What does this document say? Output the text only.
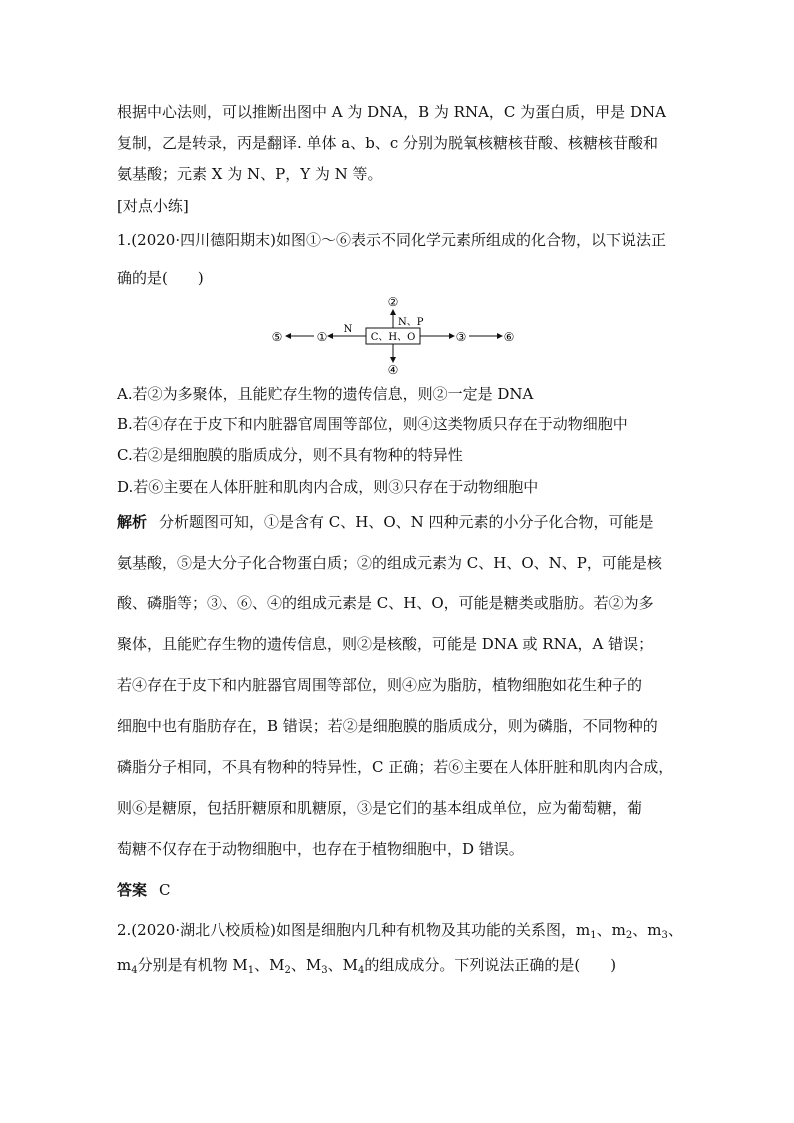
根据中心法则，可以推断出图中 A 为 DNA，B 为 RNA，C 为蛋白质，甲是 DNA
复制，乙是转录，丙是翻译. 单体 a、b、c 分别为脱氧核糖核苷酸、核糖核苷酸和
氨基酸；元素 X 为 N、P，Y 为 N 等。
[对点小练]
1.(2020·四川德阳期末)如图①～⑥表示不同化学元素所组成的化合物，以下说法正
确的是(　　)
②
N、P
C、H、O
N
①
⑤	③	⑥
④
A.若②为多聚体，且能贮存生物的遗传信息，则②一定是 DNA
B.若④存在于皮下和内脏器官周围等部位，则④这类物质只存在于动物细胞中
C.若②是细胞膜的脂质成分，则不具有物种的特异性
D.若⑥主要在人体肝脏和肌肉内合成，则③只存在于动物细胞中
解析 分析题图可知，①是含有 C、H、O、N 四种元素的小分子化合物，可能是
氨基酸，⑤是大分子化合物蛋白质；②的组成元素为 C、H、O、N、P，可能是核
酸、磷脂等；③、⑥、④的组成元素是 C、H、O，可能是糖类或脂肪。若②为多
聚体，且能贮存生物的遗传信息，则②是核酸，可能是 DNA 或 RNA，A 错误；
若④存在于皮下和内脏器官周围等部位，则④应为脂肪，植物细胞如花生种子的
细胞中也有脂肪存在，B 错误；若②是细胞膜的脂质成分，则为磷脂，不同物种的
磷脂分子相同，不具有物种的特异性，C 正确；若⑥主要在人体肝脏和肌肉内合成，
则⑥是糖原，包括肝糖原和肌糖原，③是它们的基本组成单位，应为葡萄糖，葡
萄糖不仅存在于动物细胞中，也存在于植物细胞中，D 错误。
答案 C
2.(2020·湖北八校质检)如图是细胞内几种有机物及其功能的关系图，$m_1$、$m_2$、$m_3$、
$m_4$分别是有机物 $M_1$、$M_2$、$M_3$、$M_4$的组成成分。下列说法正确的是(　　)
